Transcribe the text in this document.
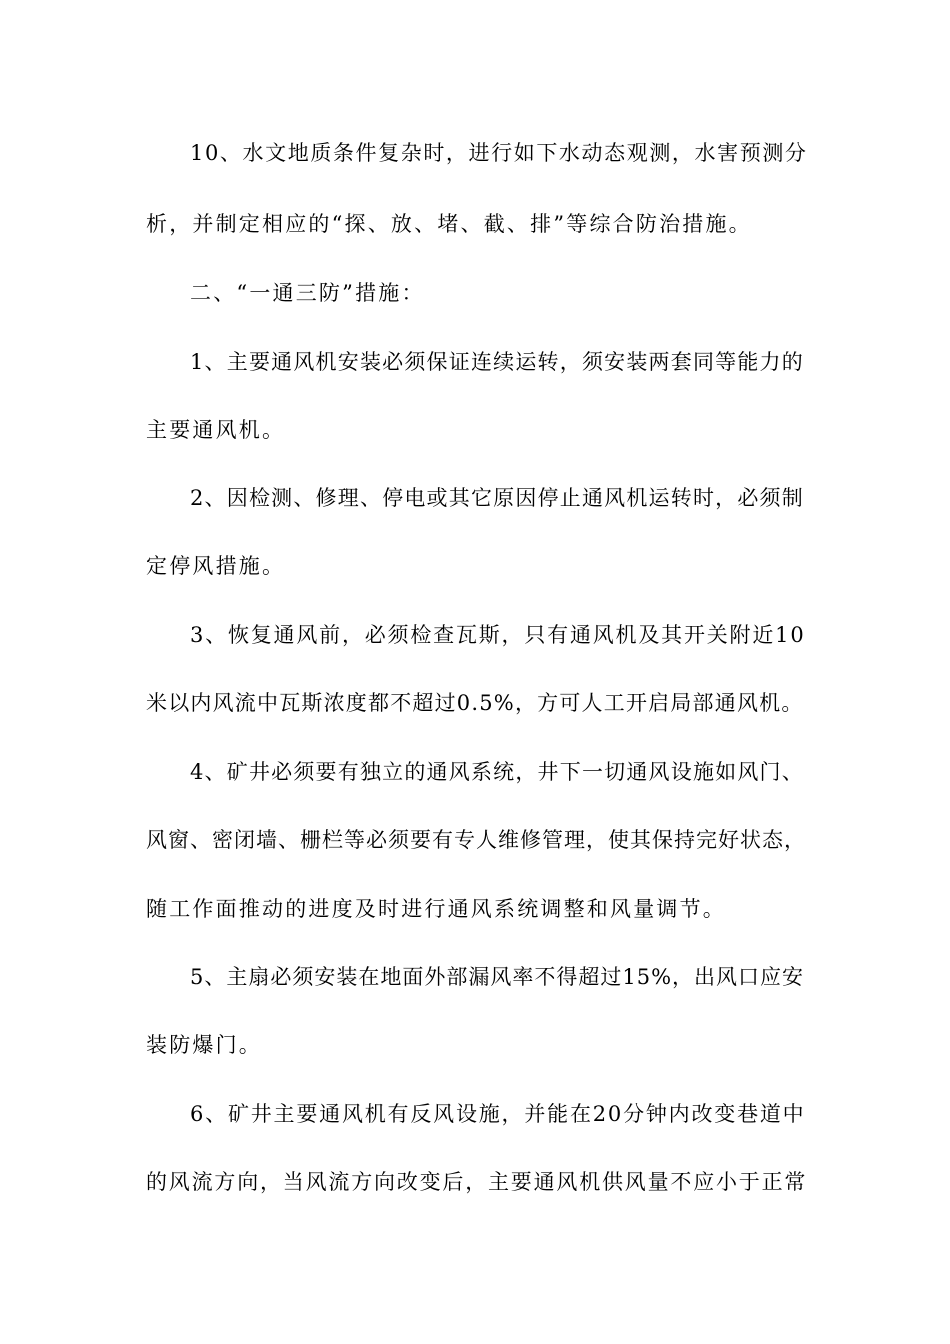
10、水文地质条件复杂时，进行如下水动态观测，水害预测分
析，并制定相应的“探、放、堵、截、排”等综合防治措施。
二、“一通三防”措施：
1、主要通风机安装必须保证连续运转，须安装两套同等能力的
主要通风机。
2、因检测、修理、停电或其它原因停止通风机运转时，必须制
定停风措施。
3、恢复通风前，必须检查瓦斯，只有通风机及其开关附近10
米以内风流中瓦斯浓度都不超过0.5%，方可人工开启局部通风机。
4、矿井必须要有独立的通风系统，井下一切通风设施如风门、
风窗、密闭墙、栅栏等必须要有专人维修管理，使其保持完好状态，
随工作面推动的进度及时进行通风系统调整和风量调节。
5、主扇必须安装在地面外部漏风率不得超过15%，出风口应安
装防爆门。
6、矿井主要通风机有反风设施，并能在20分钟内改变巷道中
的风流方向，当风流方向改变后，主要通风机供风量不应小于正常
